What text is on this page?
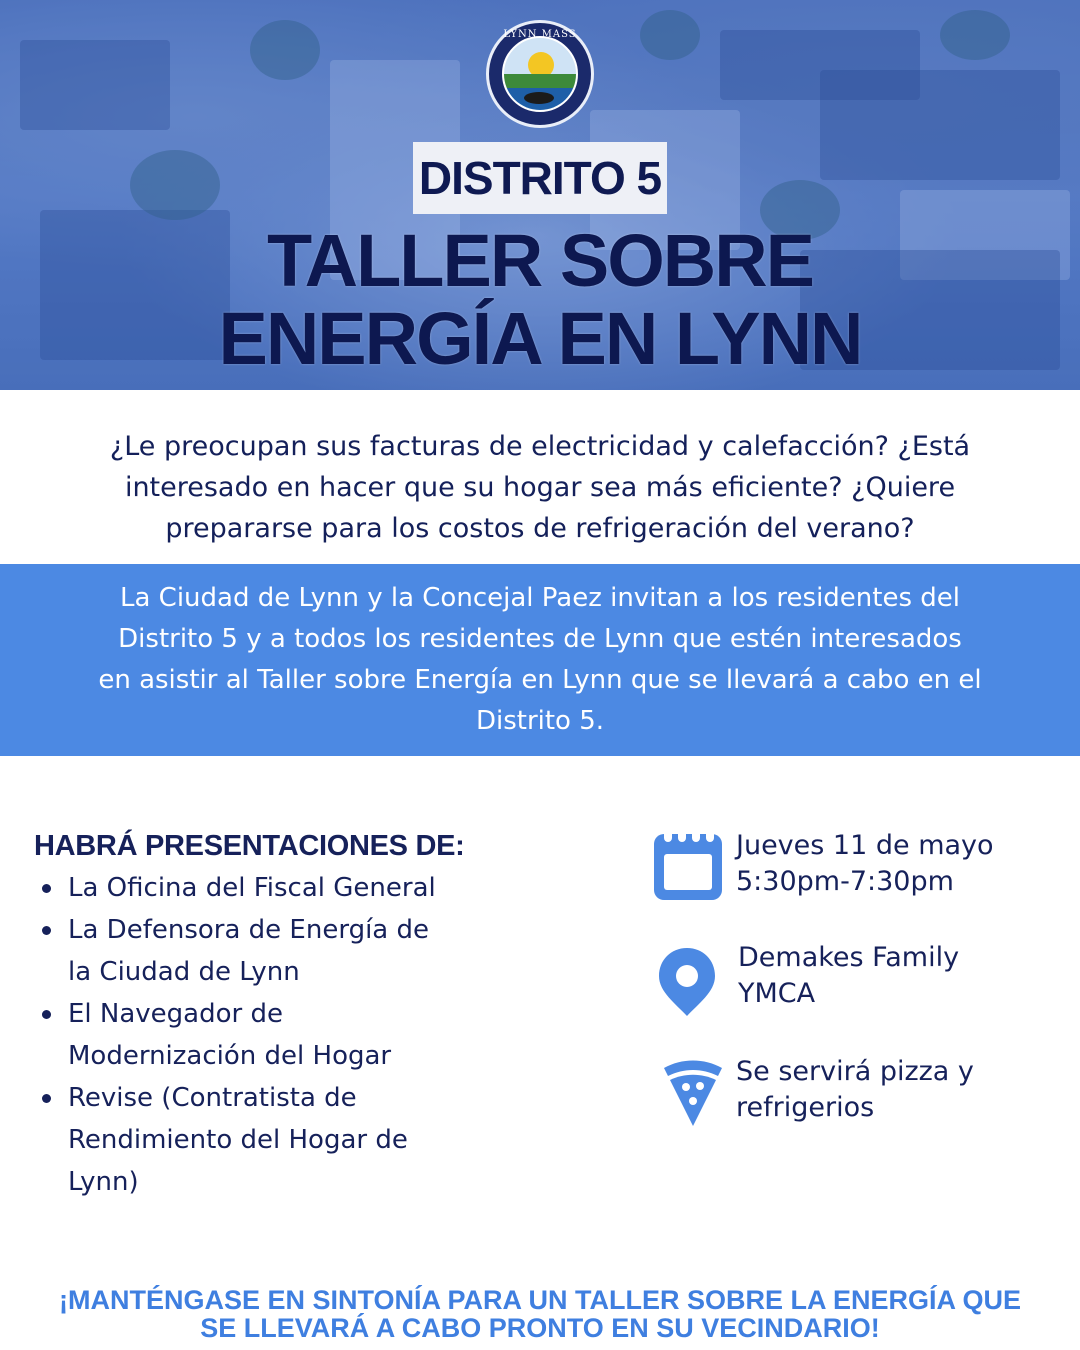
LYNN MASS
DISTRITO 5
TALLER SOBRE
ENERGÍA EN LYNN
¿Le preocupan sus facturas de electricidad y calefacción? ¿Está
interesado en hacer que su hogar sea más eficiente? ¿Quiere
prepararse para los costos de refrigeración del verano?

La Ciudad de Lynn y la Concejal Paez invitan a los residentes del
Distrito 5 y a todos los residentes de Lynn que estén interesados
en asistir al Taller sobre Energía en Lynn que se llevará a cabo en el
Distrito 5.

HABRÁ PRESENTACIONES DE:
La Oficina del Fiscal General
La Defensora de Energía de
la Ciudad de Lynn
El Navegador de
Modernización del Hogar
Revise (Contratista de
Rendimiento del Hogar de
Lynn)
Jueves 11 de mayo
5:30pm-7:30pm
Demakes Family
YMCA
Se servirá pizza y
refrigerios
¡MANTÉNGASE EN SINTONÍA PARA UN TALLER SOBRE LA ENERGÍA QUE
SE LLEVARÁ A CABO PRONTO EN SU VECINDARIO!
